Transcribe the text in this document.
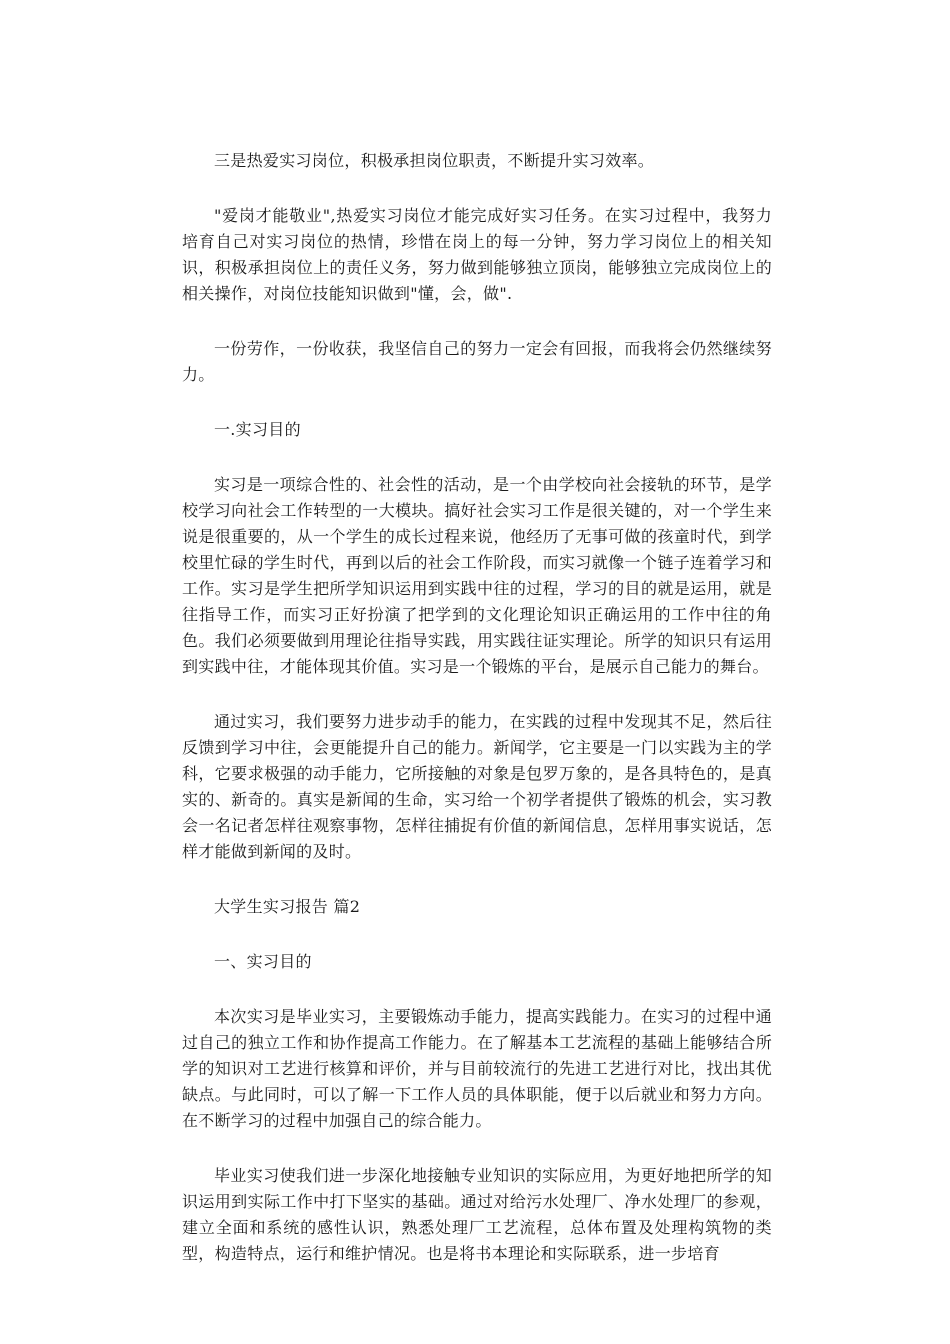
三是热爱实习岗位，积极承担岗位职责，不断提升实习效率。

"爱岗才能敬业",热爱实习岗位才能完成好实习任务。在实习过程中，我努力培育自己对实习岗位的热情，珍惜在岗上的每一分钟，努力学习岗位上的相关知识，积极承担岗位上的责任义务，努力做到能够独立顶岗，能够独立完成岗位上的相关操作，对岗位技能知识做到"懂，会，做".

一份劳作，一份收获，我坚信自己的努力一定会有回报，而我将会仍然继续努力。

一.实习目的

实习是一项综合性的、社会性的活动，是一个由学校向社会接轨的环节，是学校学习向社会工作转型的一大模块。搞好社会实习工作是很关键的，对一个学生来说是很重要的，从一个学生的成长过程来说，他经历了无事可做的孩童时代，到学校里忙碌的学生时代，再到以后的社会工作阶段，而实习就像一个链子连着学习和工作。实习是学生把所学知识运用到实践中往的过程，学习的目的就是运用，就是往指导工作，而实习正好扮演了把学到的文化理论知识正确运用的工作中往的角色。我们必须要做到用理论往指导实践，用实践往证实理论。所学的知识只有运用到实践中往，才能体现其价值。实习是一个锻炼的平台，是展示自己能力的舞台。

通过实习，我们要努力进步动手的能力，在实践的过程中发现其不足，然后往反馈到学习中往，会更能提升自己的能力。新闻学，它主要是一门以实践为主的学科，它要求极强的动手能力，它所接触的对象是包罗万象的，是各具特色的，是真实的、新奇的。真实是新闻的生命，实习给一个初学者提供了锻炼的机会，实习教会一名记者怎样往观察事物，怎样往捕捉有价值的新闻信息，怎样用事实说话，怎样才能做到新闻的及时。

大学生实习报告 篇2

一、实习目的

本次实习是毕业实习，主要锻炼动手能力，提高实践能力。在实习的过程中通过自己的独立工作和协作提高工作能力。在了解基本工艺流程的基础上能够结合所学的知识对工艺进行核算和评价，并与目前较流行的先进工艺进行对比，找出其优缺点。与此同时，可以了解一下工作人员的具体职能，便于以后就业和努力方向。在不断学习的过程中加强自己的综合能力。

毕业实习使我们进一步深化地接触专业知识的实际应用，为更好地把所学的知识运用到实际工作中打下坚实的基础。通过对给污水处理厂、净水处理厂的参观，建立全面和系统的感性认识，熟悉处理厂工艺流程，总体布置及处理构筑物的类型，构造特点，运行和维护情况。也是将书本理论和实际联系，进一步培育
